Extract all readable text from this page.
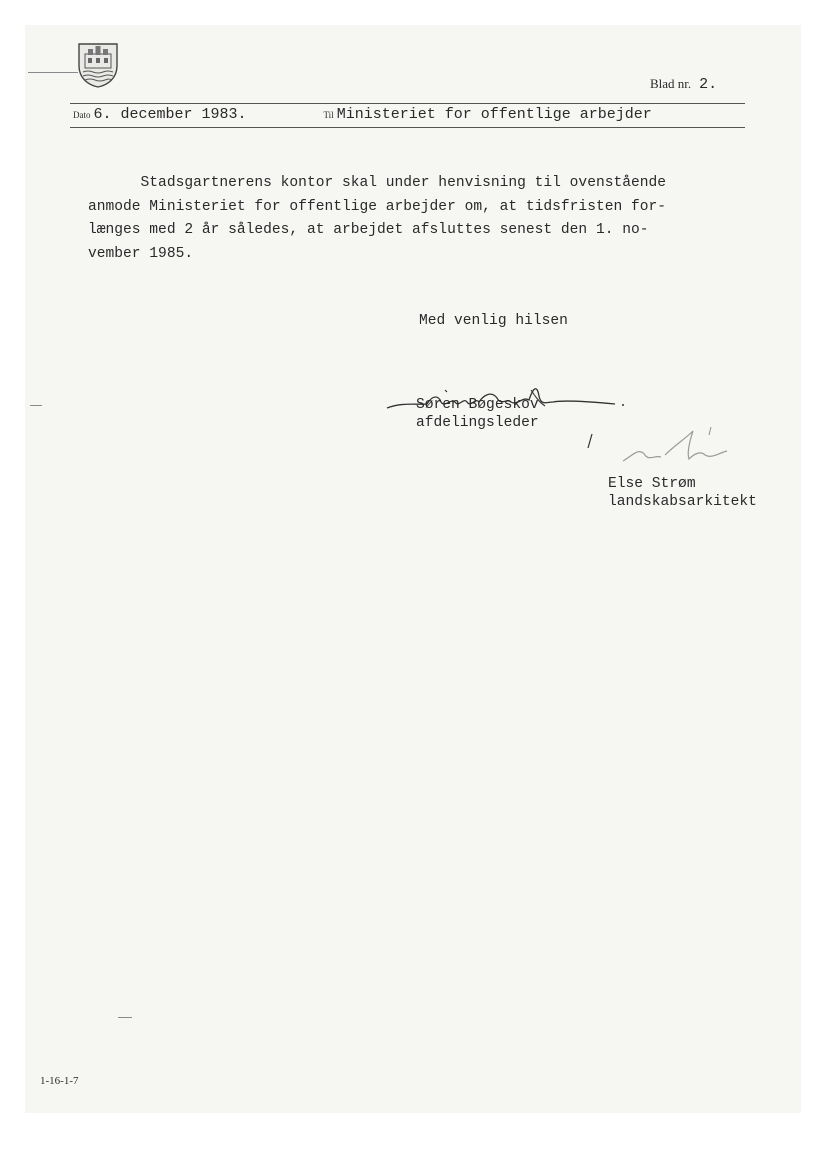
Blad nr. 2.
Dato 6. december 1983.	Til Ministeriet for offentlige arbejder

Stadsgartnerens kontor skal under henvisning til ovenstående
anmode Ministeriet for offentlige arbejder om, at tidsfristen for-
længes med 2 år således, at arbejdet afsluttes senest den 1. no-
vember 1985.

Med venlig hilsen
Søren Bøgeskov
afdelingsleder
Else Strøm
landskabsarkitekt
1-16-1-7
